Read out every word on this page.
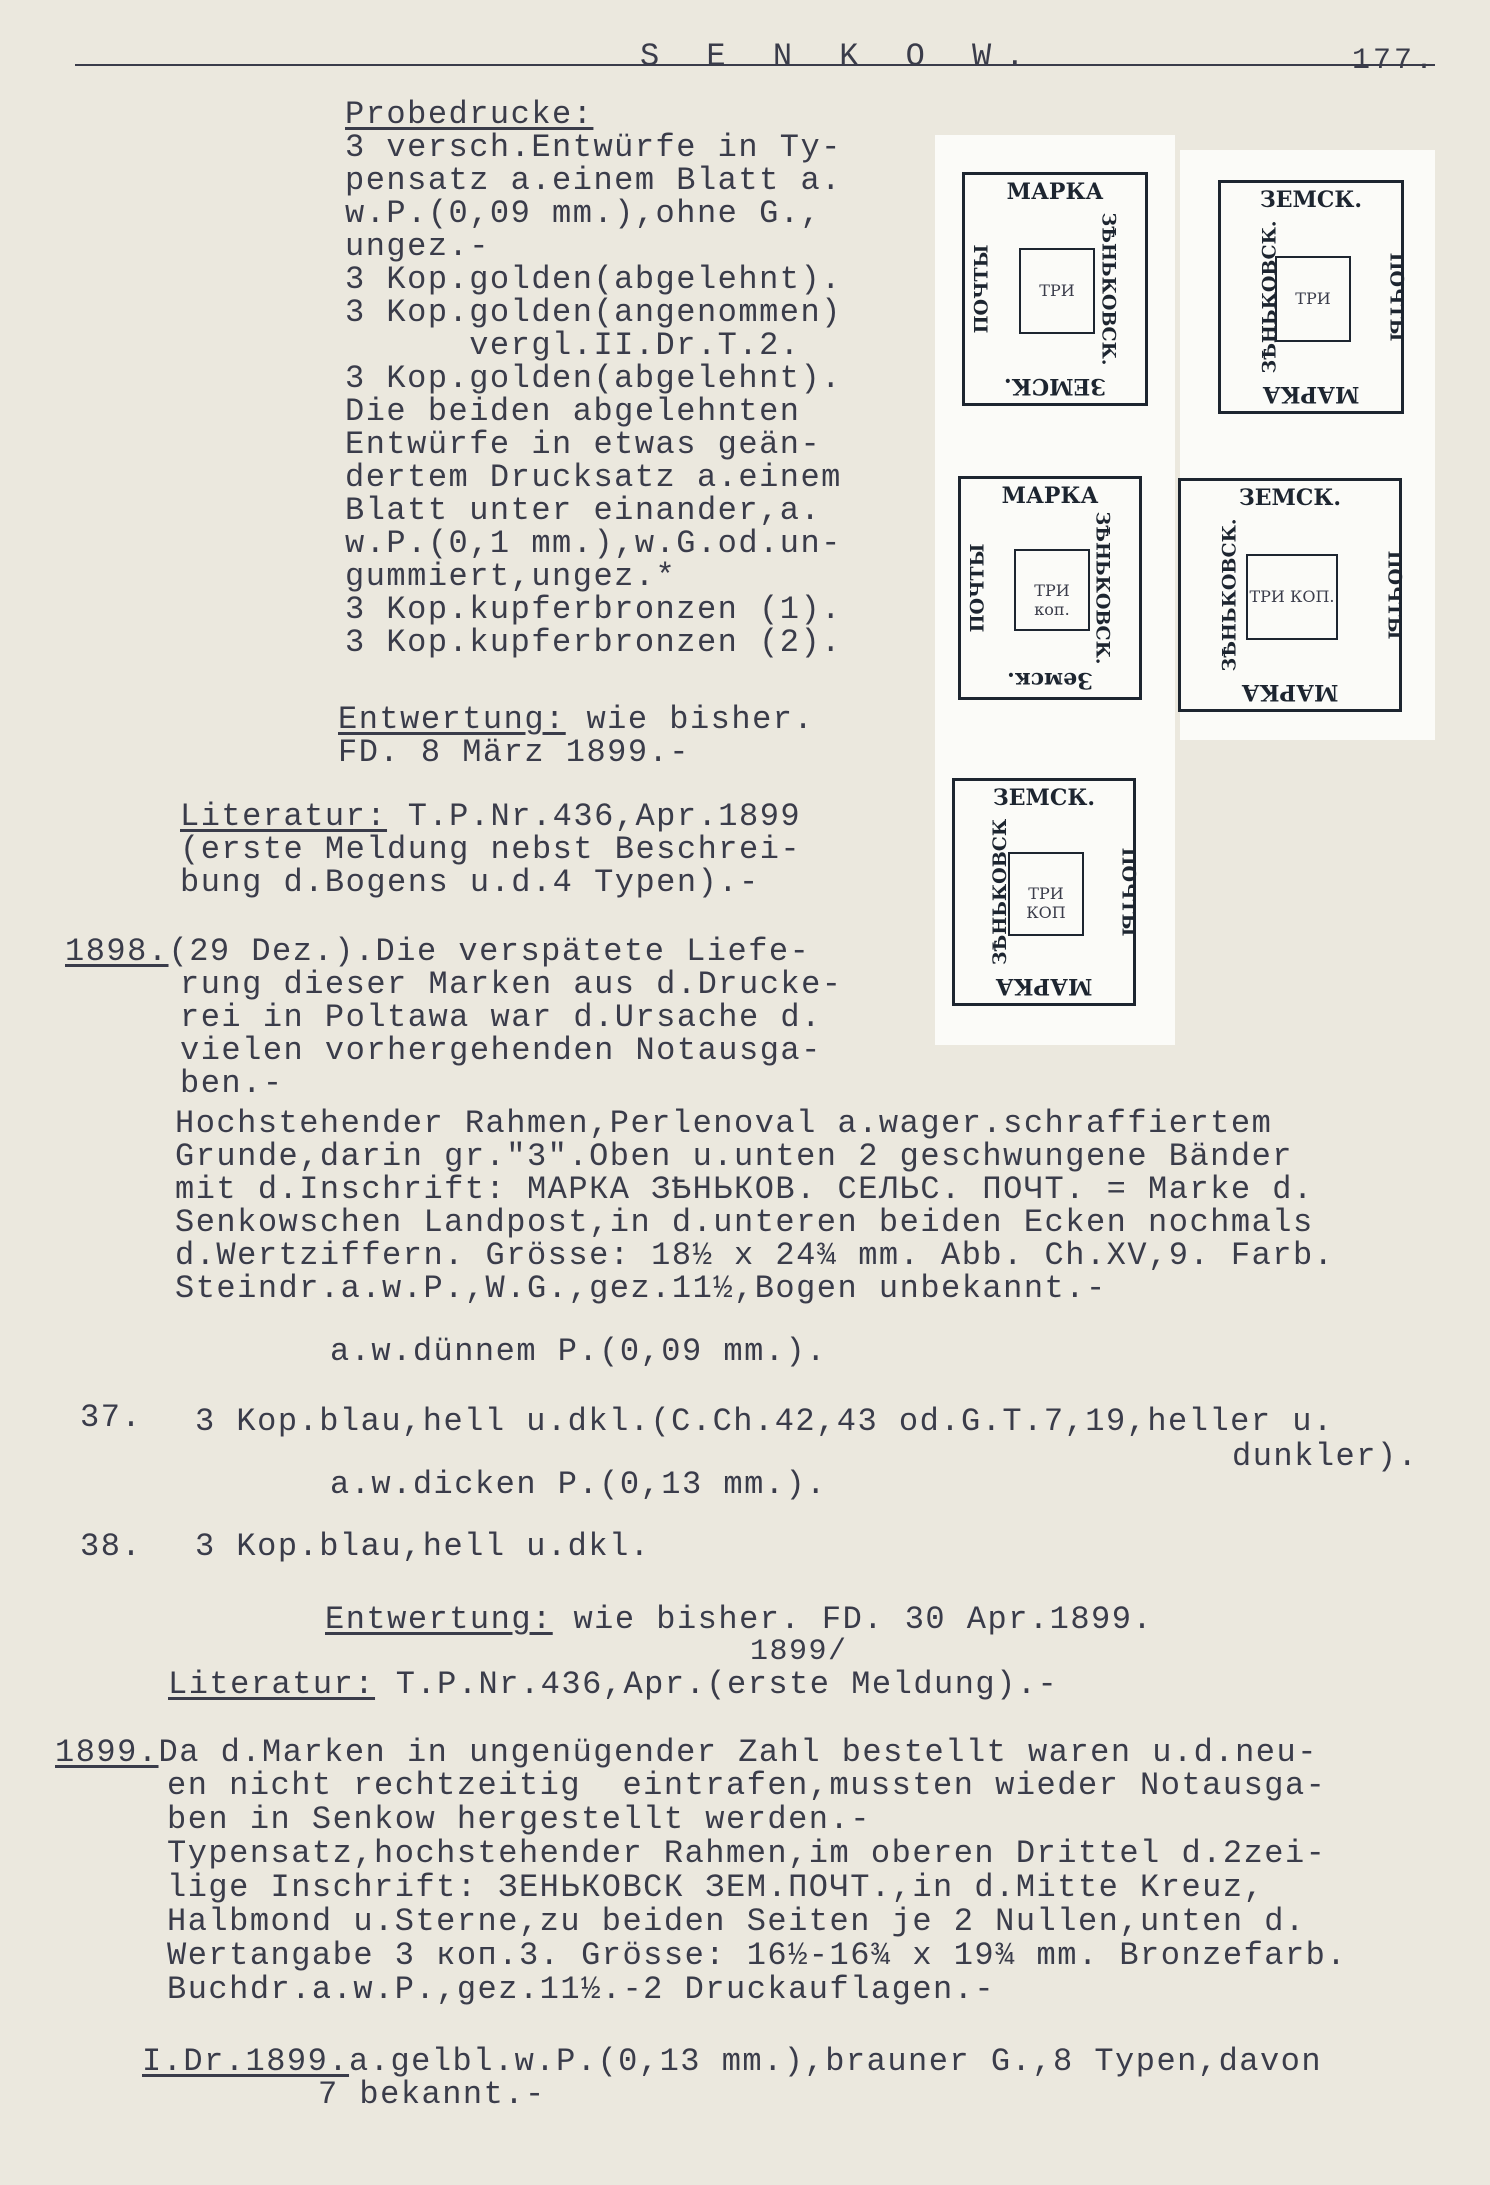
S E N K O W.	177.
Probedrucke:
3 versch.Entwürfe in Ty-
pensatz a.einem Blatt a.
w.P.(0,09 mm.),ohne G.,
ungez.-
3 Kop.golden(abgelehnt).
3 Kop.golden(angenommen)
vergl.II.Dr.T.2.
3 Kop.golden(abgelehnt).
Die beiden abgelehnten
Entwürfe in etwas geän-
dertem Drucksatz a.einem
Blatt unter einander,a.
w.P.(0,1 mm.),w.G.od.un-
gummiert,ungez.*
3 Kop.kupferbronzen (1).
3 Kop.kupferbronzen (2).
Entwertung: wie bisher.
FD. 8 März 1899.-
Literatur: T.P.Nr.436,Apr.1899
(erste Meldung nebst Beschrei-
bung d.Bogens u.d.4 Typen).-
1898.(29 Dez.).Die verspätete Liefe-
rung dieser Marken aus d.Drucke-
rei in Poltawa war d.Ursache d.
vielen vorhergehenden Notausga-
ben.-
Hochstehender Rahmen,Perlenoval a.wager.schraffiertem
Grunde,darin gr."3".Oben u.unten 2 geschwungene Bänder
mit d.Inschrift: МАРКА ЗѢНЬКОВ. СЕЛЬС. ПОЧТ. = Marke d.
Senkowschen Landpost,in d.unteren beiden Ecken nochmals
d.Wertziffern. Grösse: 18½ x 24¾ mm. Abb. Ch.XV,9. Farb.
Steindr.a.w.P.,W.G.,gez.11½,Bogen unbekannt.-
a.w.dünnem P.(0,09 mm.).
37. 3 Kop.blau,hell u.dkl.(C.Ch.42,43 od.G.T.7,19,heller u.
dunkler).
a.w.dicken P.(0,13 mm.).
38. 3 Kop.blau,hell u.dkl.
Entwertung: wie bisher. FD. 30 Apr.1899.
1899/
Literatur: T.P.Nr.436,Apr.(erste Meldung).-
1899.Da d.Marken in ungenügender Zahl bestellt waren u.d.neu-
en nicht rechtzeitig  eintrafen,mussten wieder Notausga-
ben in Senkow hergestellt werden.-
Typensatz,hochstehender Rahmen,im oberen Drittel d.2zei-
lige Inschrift: ЗЕНЬКОВСК ЗЕМ.ПОЧТ.,in d.Mitte Kreuz,
Halbmond u.Sterne,zu beiden Seiten je 2 Nullen,unten d.
Wertangabe 3 коп.3. Grösse: 16½-16¾ x 19¾ mm. Bronzefarb.
Buchdr.a.w.P.,gez.11½.-2 Druckauflagen.-
I.Dr.1899.a.gelbl.w.P.(0,13 mm.),brauner G.,8 Typen,davon
7 bekannt.-
МАРКА
ЗЕМСК.
ПОЧТЫ	ЗѢНЬКОВСК.
ТРИ
ЗЕМСК.
МАРКА
ЗѢНЬКОВСК.	ПОЧТЫ
ТРИ
МАРКА
Земск.
ПОЧТЫ	ЗѢНЬКОВСК.
ТРИ коп.
ЗЕМСК.
МАРКА
ЗѢНЬКОВСК.	ПОЧТЫ
ТРИ КОП.
ЗЕМСК.
МАРКА
ЗѢНЬКОВСК	ПОЧТЫ
ТРИ КОП
